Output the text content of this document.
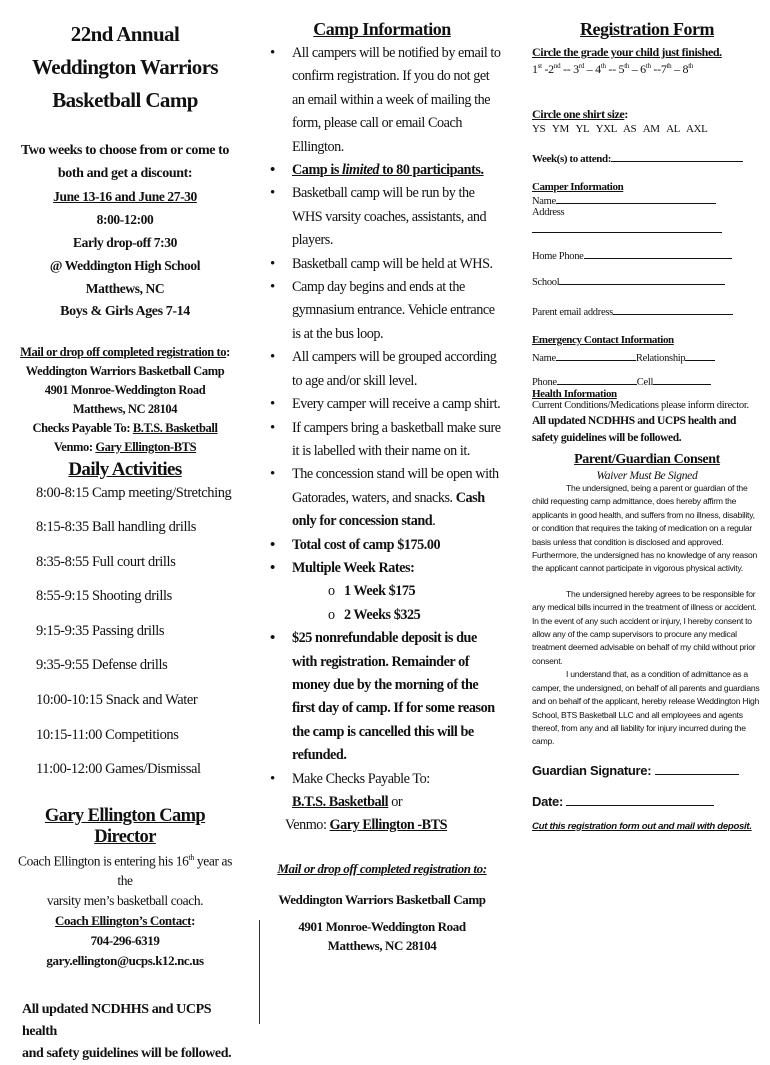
22nd Annual
Weddington Warriors
Basketball Camp
Two weeks to choose from or come to
both and get a discount:
June 13-16 and June 27-30
8:00-12:00
Early drop-off 7:30
@ Weddington High School
Matthews, NC
Boys & Girls Ages 7-14
Mail or drop off completed registration to:
Weddington Warriors Basketball Camp
4901 Monroe-Weddington Road
Matthews, NC 28104
Checks Payable To: B.T.S. Basketball
Venmo: Gary Ellington-BTS
Daily Activities
8:00-8:15 Camp meeting/Stretching
8:15-8:35 Ball handling drills
8:35-8:55 Full court drills
8:55-9:15 Shooting drills
9:15-9:35 Passing drills
9:35-9:55 Defense drills
10:00-10:15 Snack and Water
10:15-11:00 Competitions
11:00-12:00 Games/Dismissal
Gary Ellington Camp Director
Coach Ellington is entering his 16th year as the
varsity men’s basketball coach.
Coach Ellington’s Contact:
704-296-6319
gary.ellington@ucps.k12.nc.us
All updated NCDHHS and UCPS health
and safety guidelines will be followed.
Camp Information
• All campers will be notified by email to confirm registration. If you do not get an email within a week of mailing the form, please call or email Coach Ellington.
• Camp is limited to 80 participants.
• Basketball camp will be run by the WHS varsity coaches, assistants, and players.
• Basketball camp will be held at WHS.
• Camp day begins and ends at the gymnasium entrance. Vehicle entrance is at the bus loop.
• All campers will be grouped according to age and/or skill level.
• Every camper will receive a camp shirt.
• If campers bring a basketball make sure it is labelled with their name on it.
• The concession stand will be open with Gatorades, waters, and snacks. Cash only for concession stand.
• Total cost of camp $175.00
• Multiple Week Rates:
o 1 Week $175
o 2 Weeks $325
• $25 nonrefundable deposit is due with registration. Remainder of money due by the morning of the first day of camp. If for some reason the camp is cancelled this will be refunded.
• Make Checks Payable To:
B.T.S. Basketball or
Venmo: Gary Ellington -BTS
Mail or drop off completed registration to:
Weddington Warriors Basketball Camp
4901 Monroe-Weddington Road
Matthews, NC 28104
Registration Form
Circle the grade your child just finished.
1st -2nd -- 3rd – 4th -- 5th – 6th --7th – 8th
Circle one shirt size:
YS   YM   YL   YXL   AS   AM   AL   AXL
Week(s) to attend:
Camper Information
Name
Address
Home Phone
School
Parent email address
Emergency Contact Information
Name	Relationship
Phone	Cell
Health Information
Current Conditions/Medications please inform director.
All updated NCDHHS and UCPS health and safety guidelines will be followed.
Parent/Guardian Consent
Waiver Must Be Signed
The undersigned, being a parent or guardian of the child requesting camp admittance, does hereby affirm the applicants in good health, and suffers from no illness, disability, or condition that requires the taking of medication on a regular basis unless that condition is disclosed and approved. Furthermore, the undersigned has no knowledge of any reason the applicant cannot participate in vigorous physical activity.
The undersigned hereby agrees to be responsible for any medical bills incurred in the treatment of illness or accident. In the event of any such accident or injury, I hereby consent to allow any of the camp supervisors to procure any medical treatment deemed advisable on behalf of my child without prior consent.
I understand that, as a condition of admittance as a camper, the undersigned, on behalf of all parents and guardians and on behalf of the applicant, hereby release Weddington High School, BTS Basketball LLC and all employees and agents thereof, from any and all liability for injury incurred during the camp.
Guardian Signature:
Date:
Cut this registration form out and mail with deposit.
